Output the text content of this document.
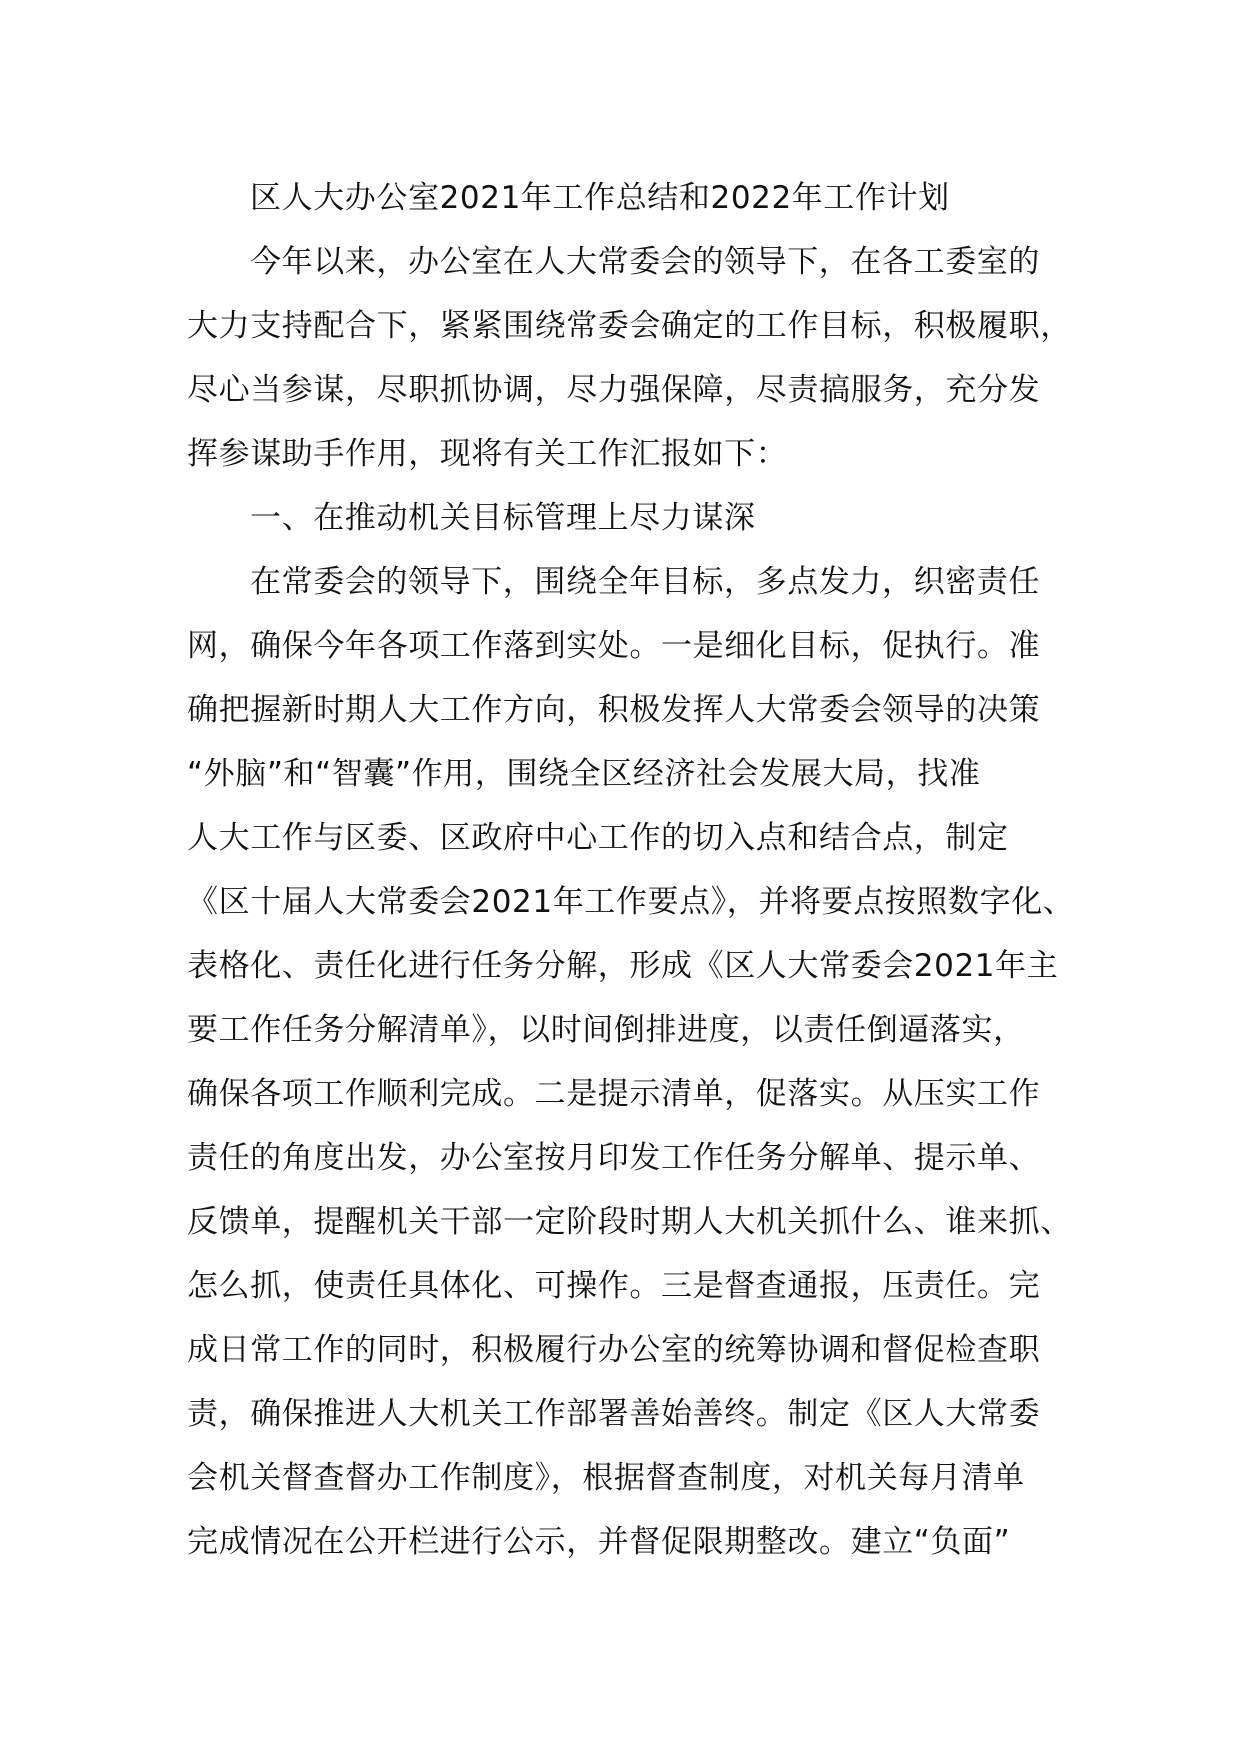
区人大办公室2021年工作总结和2022年工作计划

今年以来，办公室在人大常委会的领导下，在各工委室的

大力支持配合下，紧紧围绕常委会确定的工作目标，积极履职，

尽心当参谋，尽职抓协调，尽力强保障，尽责搞服务，充分发

挥参谋助手作用，现将有关工作汇报如下：

一、在推动机关目标管理上尽力谋深

在常委会的领导下，围绕全年目标，多点发力，织密责任

网，确保今年各项工作落到实处。一是细化目标，促执行。准

确把握新时期人大工作方向，积极发挥人大常委会领导的决策

“外脑”和“智囊”作用，围绕全区经济社会发展大局，找准

人大工作与区委、区政府中心工作的切入点和结合点，制定

《区十届人大常委会2021年工作要点》，并将要点按照数字化、

表格化、责任化进行任务分解，形成《区人大常委会2021年主

要工作任务分解清单》，以时间倒排进度，以责任倒逼落实，

确保各项工作顺利完成。二是提示清单，促落实。从压实工作

责任的角度出发，办公室按月印发工作任务分解单、提示单、

反馈单，提醒机关干部一定阶段时期人大机关抓什么、谁来抓、

怎么抓，使责任具体化、可操作。三是督查通报，压责任。完

成日常工作的同时，积极履行办公室的统筹协调和督促检查职

责，确保推进人大机关工作部署善始善终。制定《区人大常委

会机关督查督办工作制度》，根据督查制度，对机关每月清单

完成情况在公开栏进行公示，并督促限期整改。建立“负面”
